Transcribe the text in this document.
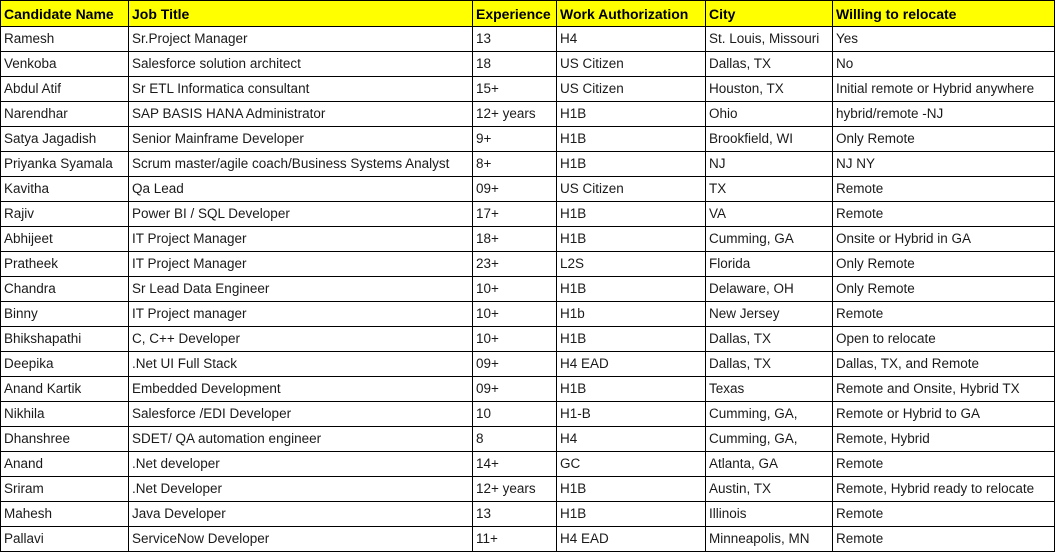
Candidate Name	Job Title	Experience	Work Authorization	City	Willing to relocate
Ramesh	Sr.Project Manager	13	H4	St. Louis, Missouri	Yes
Venkoba	Salesforce solution architect	18	US Citizen	Dallas, TX	No
Abdul Atif	Sr ETL Informatica consultant	15+	US Citizen	Houston, TX	Initial remote or Hybrid anywhere
Narendhar	SAP BASIS HANA Administrator	12+ years	H1B	Ohio	hybrid/remote -NJ
Satya Jagadish	Senior Mainframe Developer	9+	H1B	Brookfield, WI	Only Remote
Priyanka Syamala	Scrum master/agile coach/Business Systems Analyst	8+	H1B	NJ	NJ NY
Kavitha	Qa Lead	09+	US Citizen	TX	Remote
Rajiv	Power BI / SQL Developer	17+	H1B	VA	Remote
Abhijeet	IT Project Manager	18+	H1B	Cumming, GA	Onsite or Hybrid in GA
Pratheek	IT Project Manager	23+	L2S	Florida	Only Remote
Chandra	Sr Lead Data Engineer	10+	H1B	Delaware, OH	Only Remote
Binny	IT Project manager	10+	H1b	New Jersey	Remote
Bhikshapathi	C, C++ Developer	10+	H1B	Dallas, TX	Open to relocate
Deepika	.Net UI Full Stack	09+	H4 EAD	Dallas, TX	Dallas, TX, and Remote
Anand Kartik	Embedded Development	09+	H1B	Texas	Remote and Onsite, Hybrid TX
Nikhila	Salesforce /EDI Developer	10	H1-B	Cumming, GA,	Remote or Hybrid to GA
Dhanshree	SDET/ QA automation engineer	8	H4	Cumming, GA,	Remote, Hybrid
Anand	.Net developer	14+	GC	Atlanta, GA	Remote
Sriram	.Net Developer	12+ years	H1B	Austin, TX	Remote, Hybrid ready to relocate
Mahesh	Java Developer	13	H1B	Illinois	Remote
Pallavi	ServiceNow Developer	11+	H4 EAD	Minneapolis, MN	Remote
